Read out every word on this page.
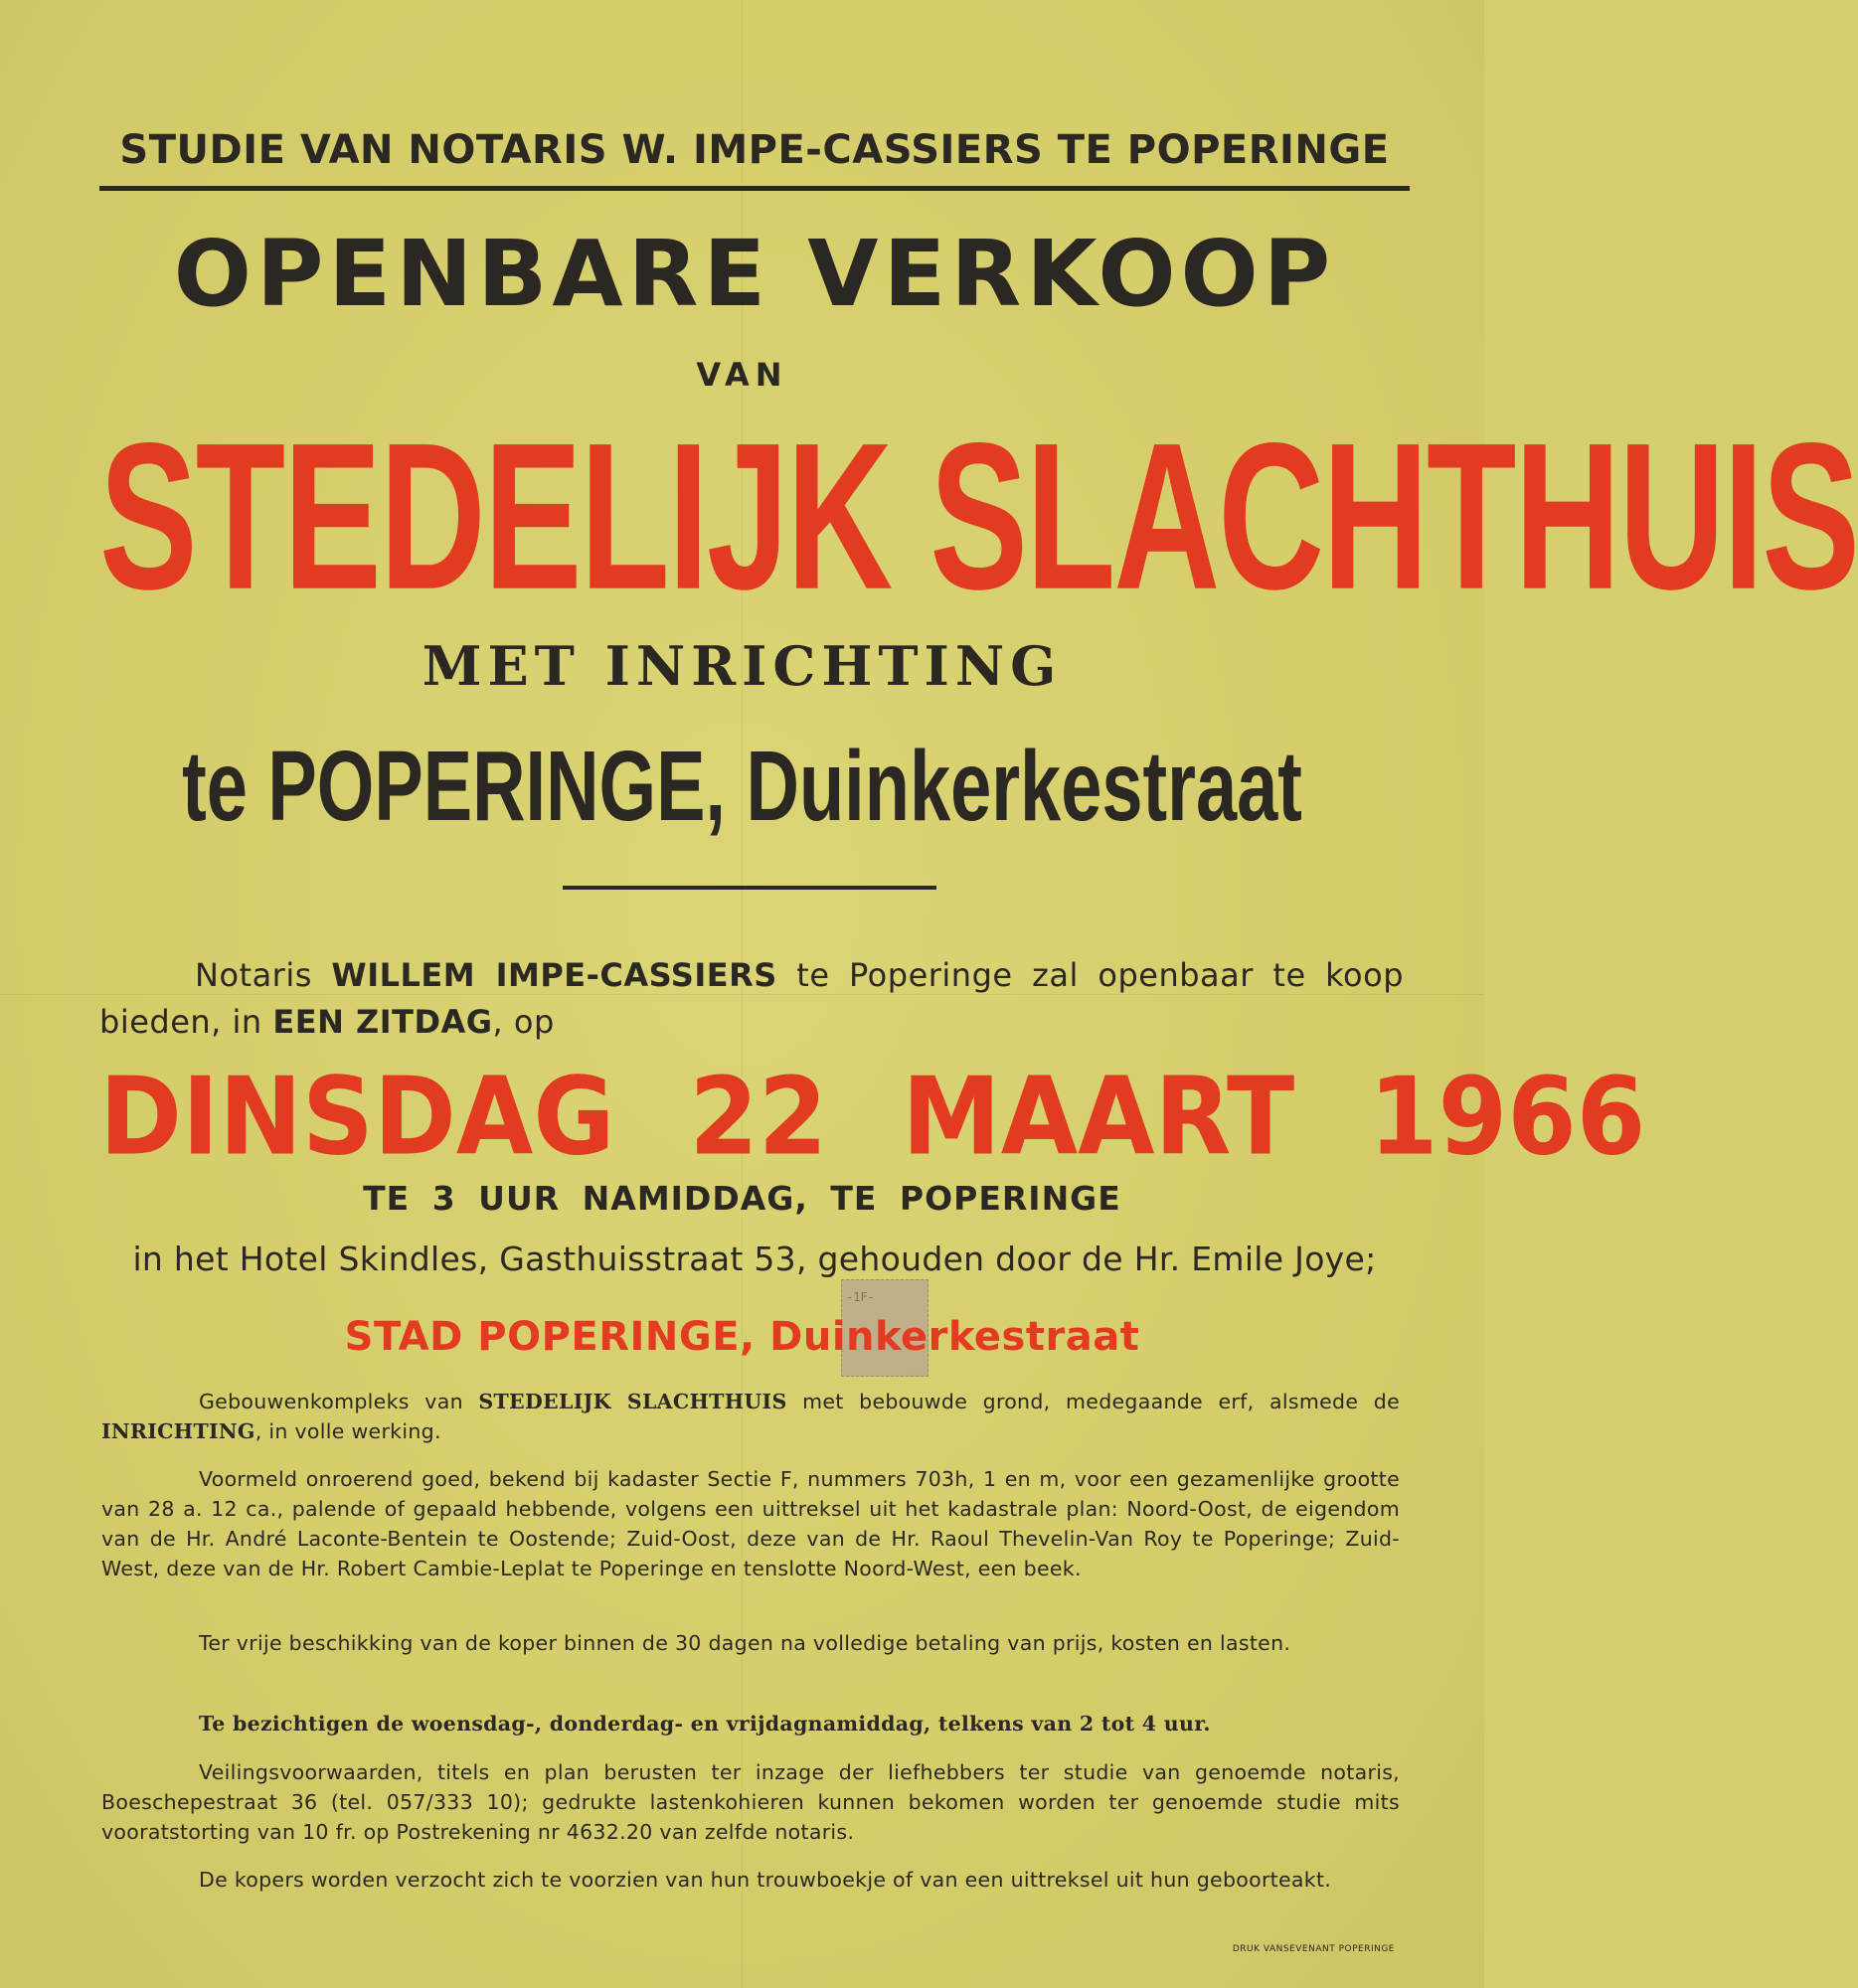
STUDIE VAN NOTARIS W. IMPE-CASSIERS TE POPERINGE
OPENBARE VERKOOP
VAN
STEDELIJK SLACHTHUIS
MET INRICHTING
te POPERINGE, Duinkerkestraat
Notaris WILLEM IMPE-CASSIERS te Poperinge zal openbaar te koop bieden, in EEN ZITDAG, op
DINSDAG 22 MAART 1966
TE 3 UUR NAMIDDAG, TE POPERINGE
in het Hotel Skindles, Gasthuisstraat 53, gehouden door de Hr. Emile Joye;
-1F-
STAD POPERINGE, Duinkerkestraat
Gebouwenkompleks van STEDELIJK SLACHTHUIS met bebouwde grond, medegaande erf, alsmede de INRICHTING, in volle werking.
Voormeld onroerend goed, bekend bij kadaster Sectie F, nummers 703h, 1 en m, voor een gezamenlijke grootte van 28 a. 12 ca., palende of gepaald hebbende, volgens een uittreksel uit het kadastrale plan: Noord-Oost, de eigendom van de Hr. André Laconte-Bentein te Oostende; Zuid-Oost, deze van de Hr. Raoul Thevelin-Van Roy te Poperinge; Zuid-West, deze van de Hr. Robert Cambie-Leplat te Poperinge en tenslotte Noord-West, een beek.
Ter vrije beschikking van de koper binnen de 30 dagen na volledige betaling van prijs, kosten en lasten.
Te bezichtigen de woensdag-, donderdag- en vrijdagnamiddag, telkens van 2 tot 4 uur.
Veilingsvoorwaarden, titels en plan berusten ter inzage der liefhebbers ter studie van genoemde notaris, Boeschepestraat 36 (tel. 057/333 10); gedrukte lastenkohieren kunnen bekomen worden ter genoemde studie mits vooratstorting van 10 fr. op Postrekening nr 4632.20 van zelfde notaris.
De kopers worden verzocht zich te voorzien van hun trouwboekje of van een uittreksel uit hun geboorteakt.
DRUK VANSEVENANT POPERINGE
